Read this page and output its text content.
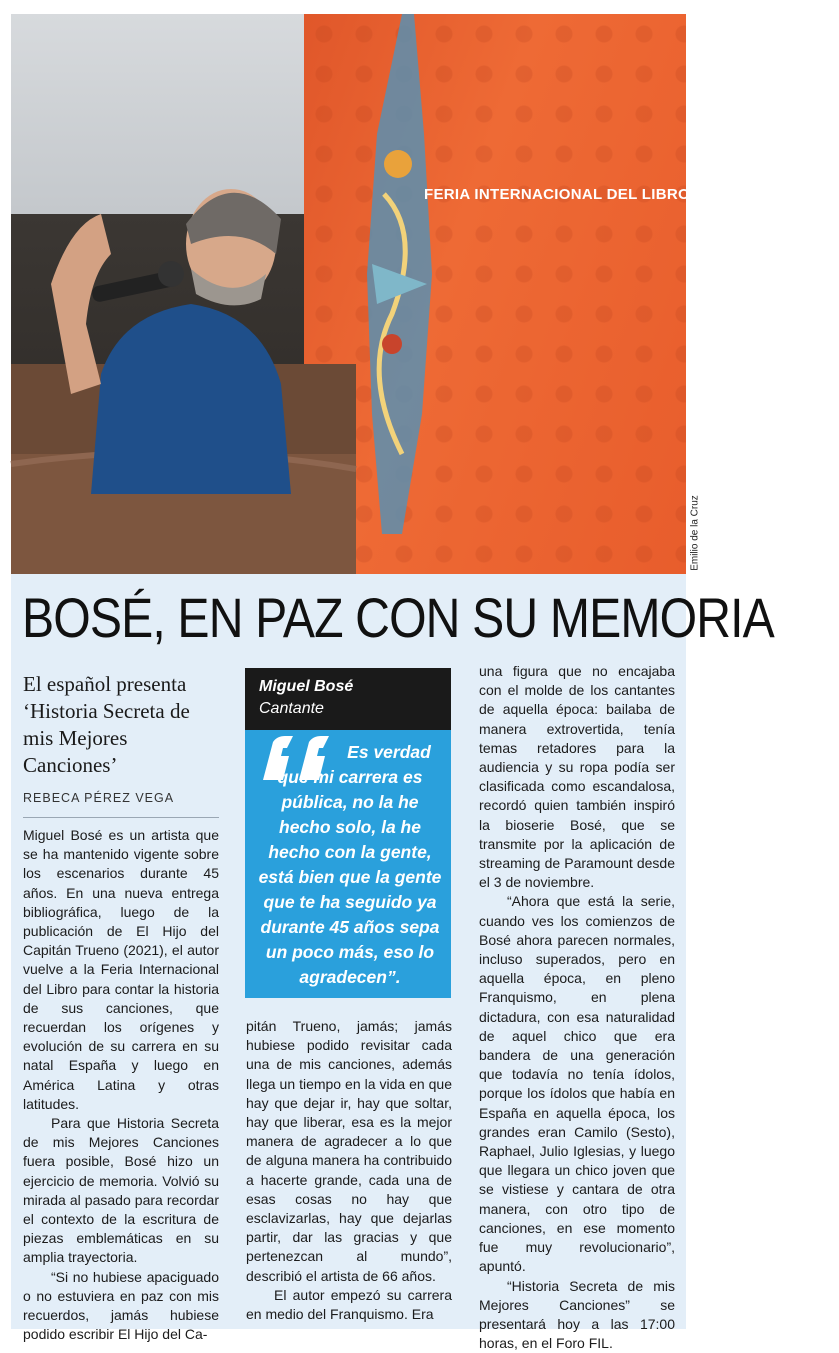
FERIA INTERNACIONAL DEL LIBRO DE GUADALAJARA
Emilio de la Cruz
BOSÉ, EN PAZ CON SU MEMORIA
El español presenta ‘Historia Secreta de mis Mejores Canciones’
REBECA PÉREZ VEGA

Miguel Bosé es un artista que se ha mantenido vigente sobre los escenarios durante 45 años. En una nueva entrega bibliográfica, luego de la publicación de El Hijo del Capitán Trueno (2021), el autor vuelve a la Feria Internacional del Libro para contar la historia de sus canciones, que recuerdan los orígenes y evolución de su carrera en su natal España y luego en América Latina y otras latitudes.

Para que Historia Secreta de mis Mejores Canciones fuera posible, Bosé hizo un ejercicio de memoria. Volvió su mirada al pasado para recordar el contexto de la escritura de piezas emblemáticas en su amplia trayectoria.

“Si no hubiese apaciguado o no estuviera en paz con mis recuerdos, jamás hubiese podido escribir El Hijo del Ca-

Miguel Bosé
Cantante
Es verdad que mi carrera es pública, no la he hecho solo, la he hecho con la gente, está bien que la gente que te ha seguido ya durante 45 años sepa un poco más, eso lo agradecen”.

pitán Trueno, jamás; jamás hubiese podido revisitar cada una de mis canciones, además llega un tiempo en la vida en que hay que dejar ir, hay que soltar, hay que liberar, esa es la mejor manera de agradecer a lo que de alguna manera ha contribuido a hacerte grande, cada una de esas cosas no hay que esclavizarlas, hay que dejarlas partir, dar las gracias y que pertenezcan al mundo”, describió el artista de 66 años.

El autor empezó su carrera en medio del Franquismo. Era

una figura que no encajaba con el molde de los cantantes de aquella época: bailaba de manera extrovertida, tenía temas retadores para la audiencia y su ropa podía ser clasificada como escandalosa, recordó quien también inspiró la bioserie Bosé, que se transmite por la aplicación de streaming de Paramount desde el 3 de noviembre.

“Ahora que está la serie, cuando ves los comienzos de Bosé ahora parecen normales, incluso superados, pero en aquella época, en pleno Franquismo, en plena dictadura, con esa naturalidad de aquel chico que era bandera de una generación que todavía no tenía ídolos, porque los ídolos que había en España en aquella época, los grandes eran Camilo (Sesto), Raphael, Julio Iglesias, y luego que llegara un chico joven que se vistiese y cantara de otra manera, con otro tipo de canciones, en ese momento fue muy revolucionario”, apuntó.

“Historia Secreta de mis Mejores Canciones” se presentará hoy a las 17:00 horas, en el Foro FIL.
